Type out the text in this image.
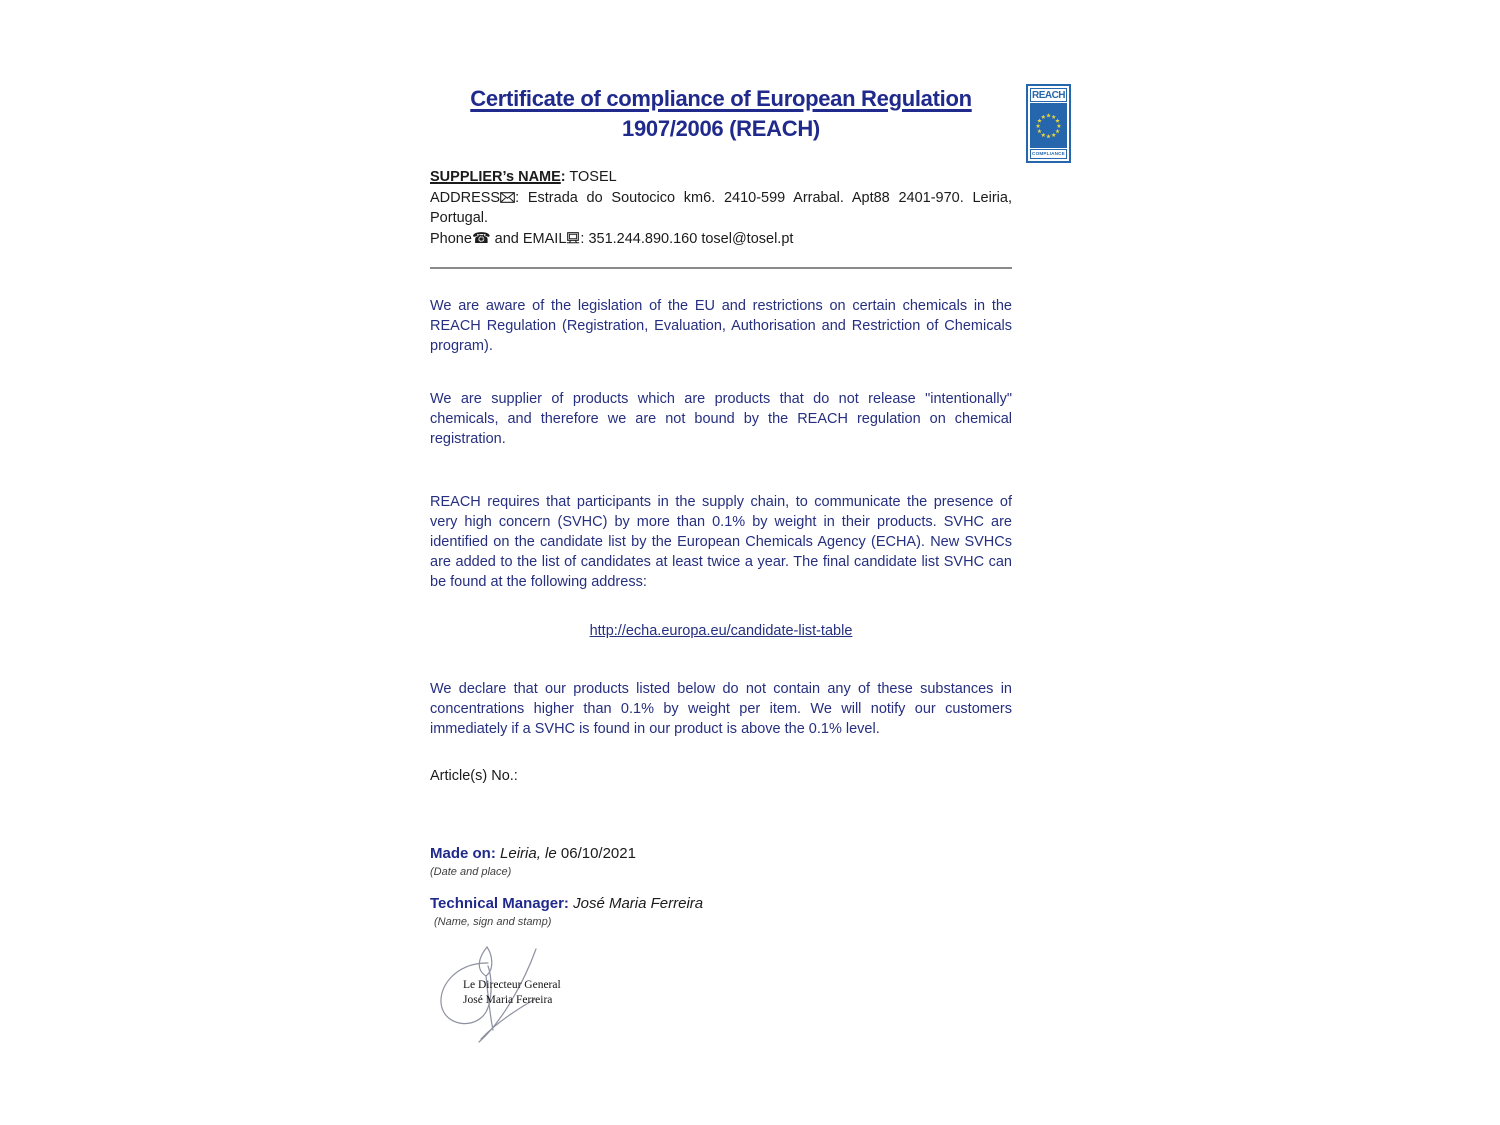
REACH
COMPLIANCE
Certificate of compliance of European Regulation
1907/2006 (REACH)

SUPPLIER’s NAME: TOSEL

ADDRESS : Estrada do Soutocico km6. 2410-599 Arrabal. Apt88 2401-970. Leiria, Portugal.

Phone☎ and EMAIL : 351.244.890.160 tosel@tosel.pt

We are aware of the legislation of the EU and restrictions on certain chemicals in the REACH Regulation (Registration, Evaluation, Authorisation and Restriction of Chemicals program).

We are supplier of products which are products that do not release "intentionally" chemicals, and therefore we are not bound by the REACH regulation on chemical registration.

REACH requires that participants in the supply chain, to communicate the presence of very high concern (SVHC) by more than 0.1% by weight in their products. SVHC are identified on the candidate list by the European Chemicals Agency (ECHA). New SVHCs are added to the list of candidates at least twice a year. The final candidate list SVHC can be found at the following address:

http://echa.europa.eu/candidate-list-table

We declare that our products listed below do not contain any of these substances in concentrations higher than 0.1% by weight per item. We will notify our customers immediately if a SVHC is found in our product is above the 0.1% level.

Article(s) No.:

Made on: Leiria, le 06/10/2021

(Date and place)

Technical Manager: José Maria Ferreira

(Name, sign and stamp)

Le Directeur General
José Maria Ferreira
